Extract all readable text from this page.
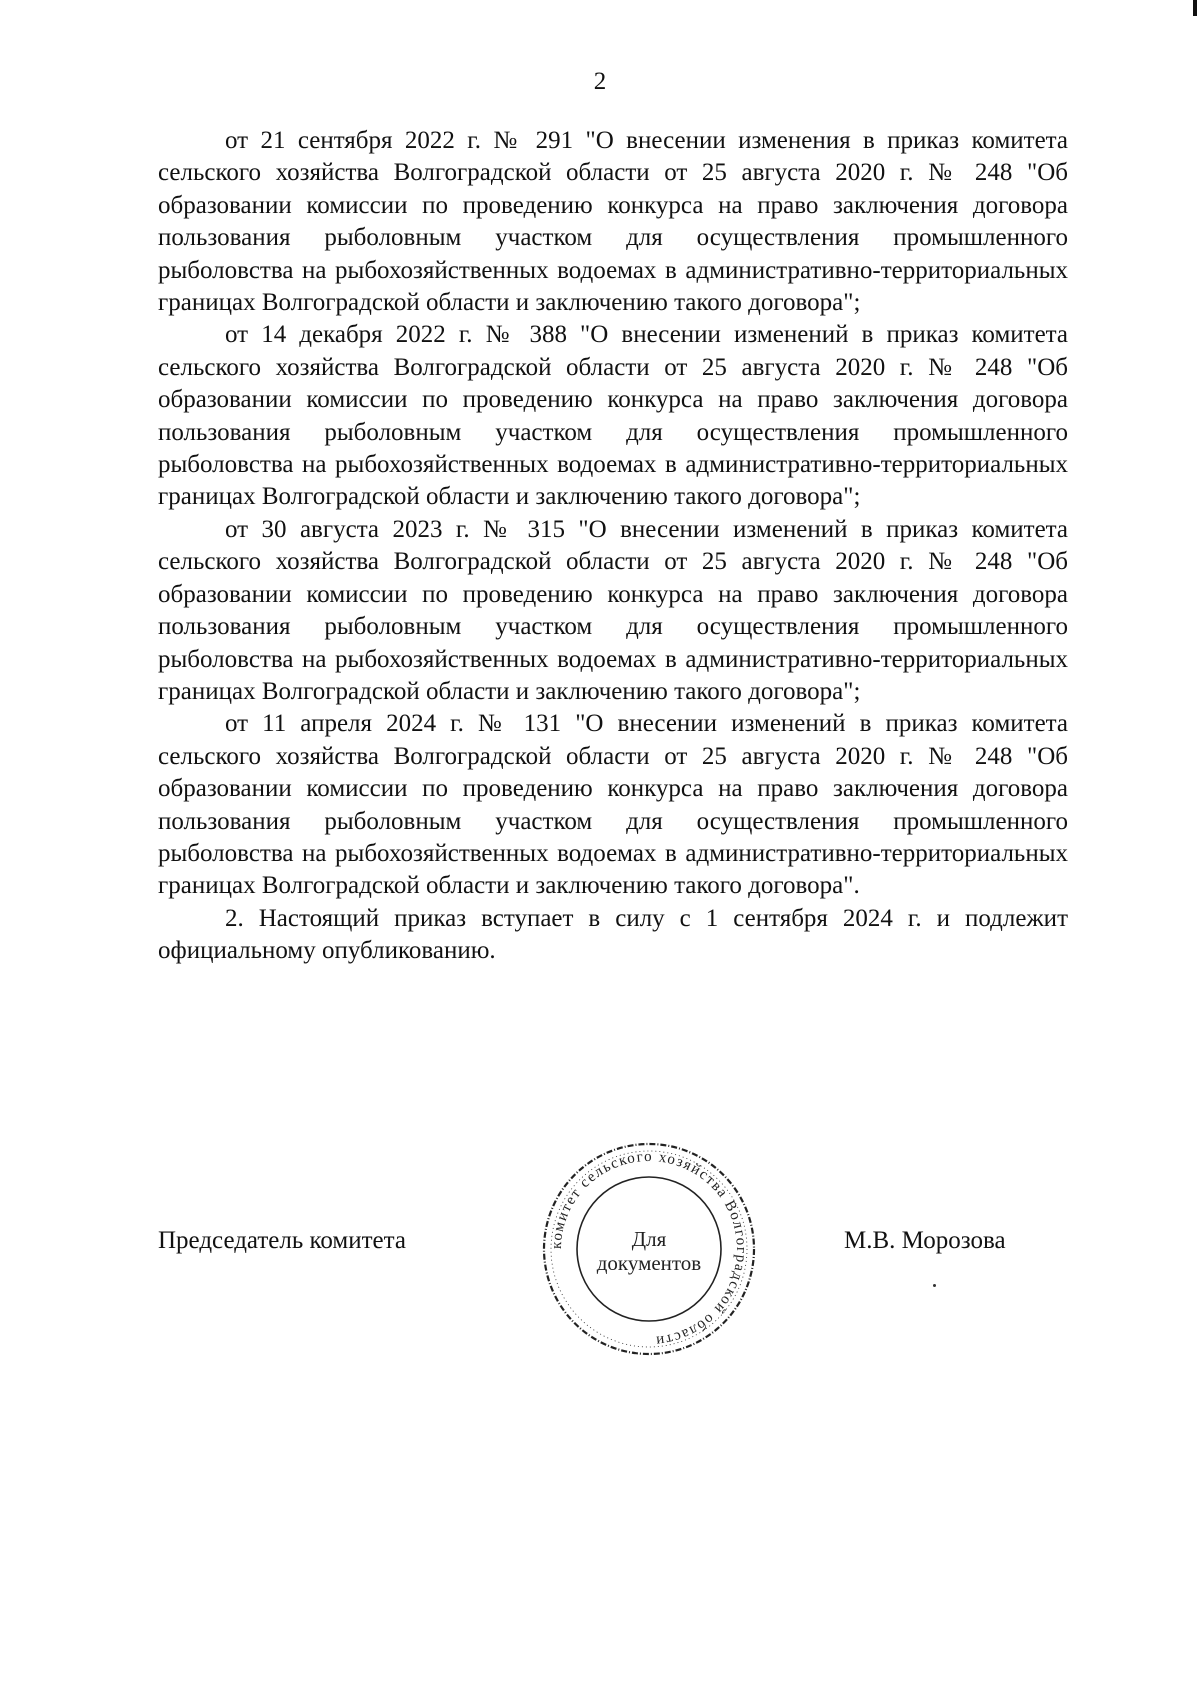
2

от 21 сентября 2022 г. № 291 "О внесении изменения в приказ комитета сельского хозяйства Волгоградской области от 25 августа 2020 г. № 248 "Об образовании комиссии по проведению конкурса на право заключения договора пользования рыболовным участком для осуществления промышленного рыболовства на рыбохозяйственных водоемах в административно-территориальных границах Волгоградской области и заключению такого договора";

от 14 декабря 2022 г. № 388 "О внесении изменений в приказ комитета сельского хозяйства Волгоградской области от 25 августа 2020 г. № 248 "Об образовании комиссии по проведению конкурса на право заключения договора пользования рыболовным участком для осуществления промышленного рыболовства на рыбохозяйственных водоемах в административно-территориальных границах Волгоградской области и заключению такого договора";

от 30 августа 2023 г. № 315 "О внесении изменений в приказ комитета сельского хозяйства Волгоградской области от 25 августа 2020 г. № 248 "Об образовании комиссии по проведению конкурса на право заключения договора пользования рыболовным участком для осуществления промышленного рыболовства на рыбохозяйственных водоемах в административно-территориальных границах Волгоградской области и заключению такого договора";

от 11 апреля 2024 г. № 131 "О внесении изменений в приказ комитета сельского хозяйства Волгоградской области от 25 августа 2020 г. № 248 "Об образовании комиссии по проведению конкурса на право заключения договора пользования рыболовным участком для осуществления промышленного рыболовства на рыбохозяйственных водоемах в административно-территориальных границах Волгоградской области и заключению такого договора".

2. Настоящий приказ вступает в силу с 1 сентября 2024 г. и подлежит официальному опубликованию.

Председатель комитета	М.В. Морозова
комитет сельского хозяйства Волгоградской области
Для
документов
